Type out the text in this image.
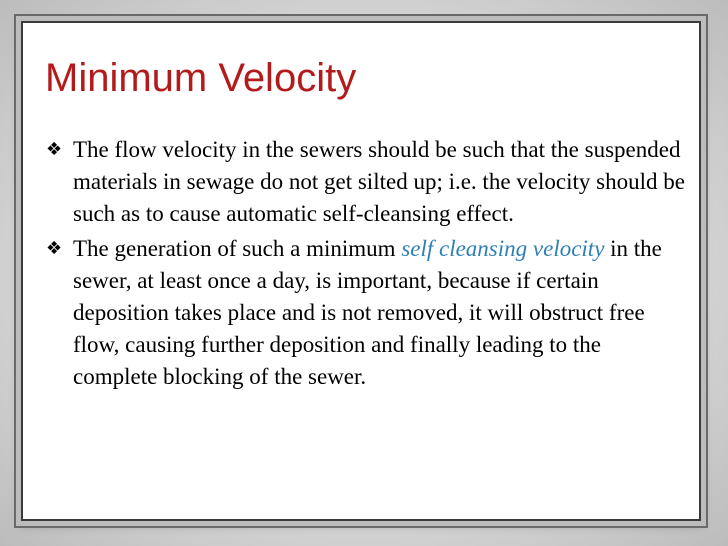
Minimum Velocity
❖ The flow velocity in the sewers should be such that the suspended materials in sewage do not get silted up; i.e. the velocity should be such as to cause automatic self-cleansing effect.
❖ The generation of such a minimum self cleansing velocity in the sewer, at least once a day, is important, because if certain deposition takes place and is not removed, it will obstruct free flow, causing further deposition and finally leading to the complete blocking of the sewer.
